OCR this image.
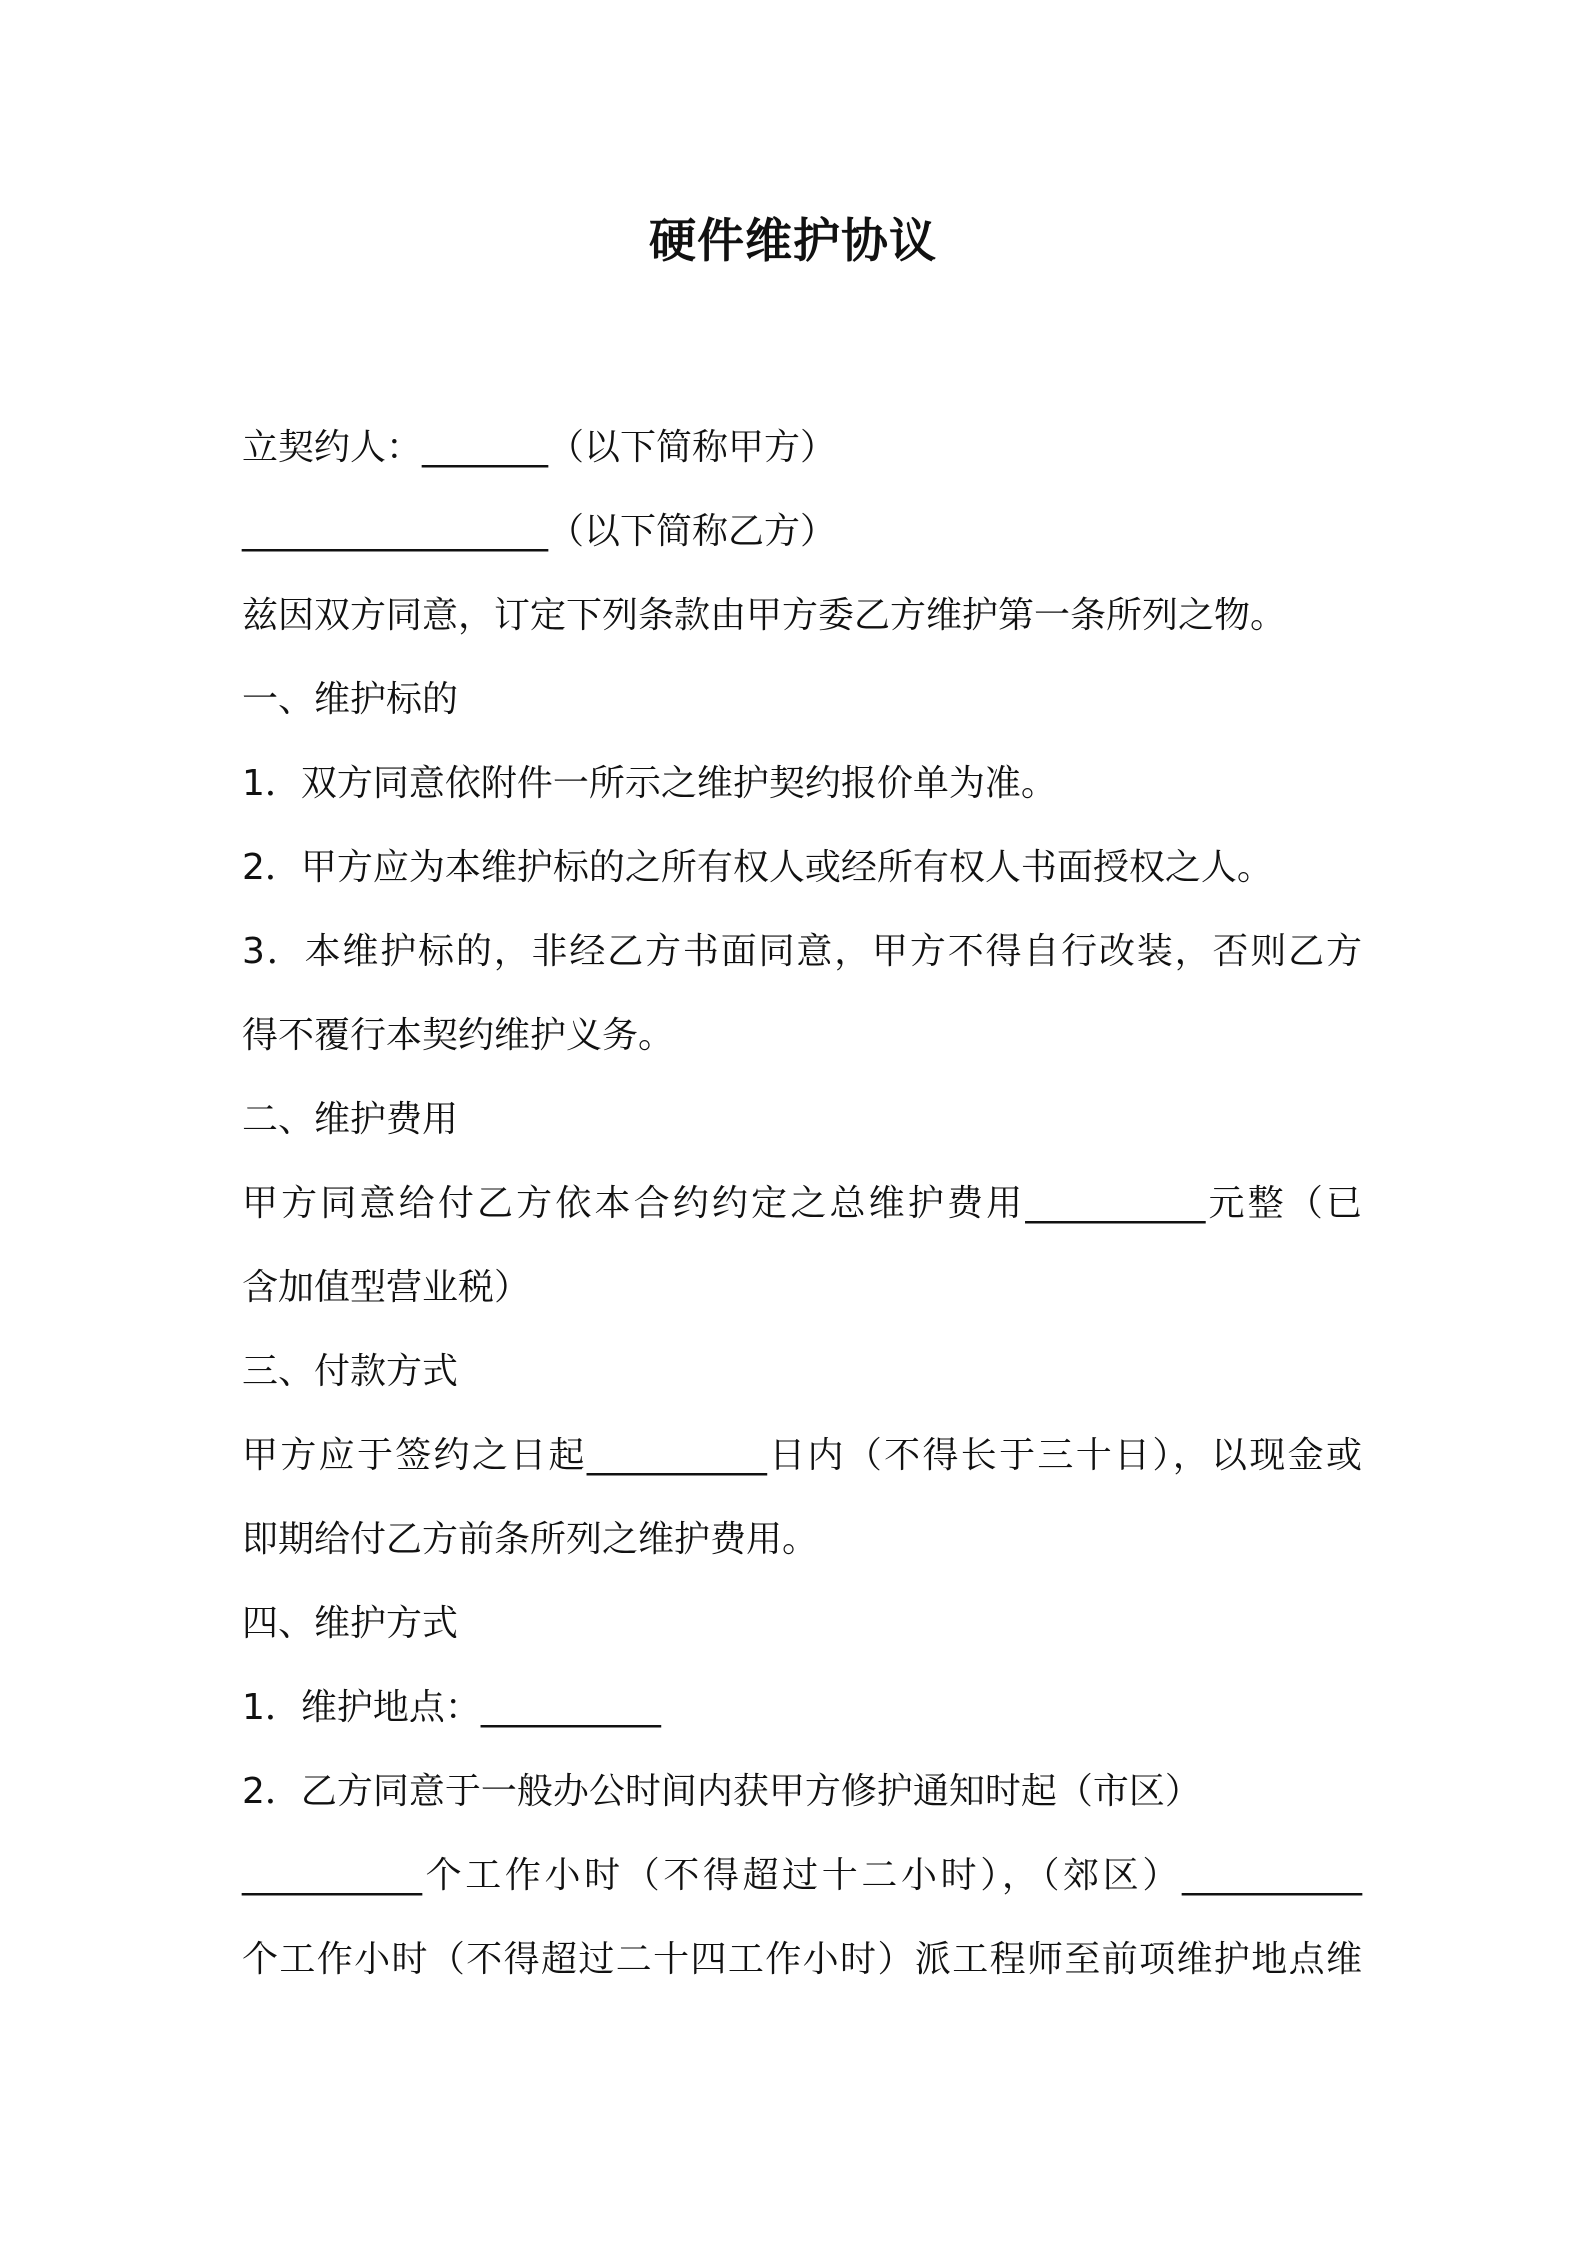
硬件维护协议

立契约人：_______（以下简称甲方）

_________________（以下简称乙方）

兹因双方同意，订定下列条款由甲方委乙方维护第一条所列之物。

一、维护标的

1．双方同意依附件一所示之维护契约报价单为准。

2．甲方应为本维护标的之所有权人或经所有权人书面授权之人。

3．本维护标的，非经乙方书面同意，甲方不得自行改装，否则乙方

得不覆行本契约维护义务。

二、维护费用

甲方同意给付乙方依本合约约定之总维护费用__________元整（已

含加值型营业税）

三、付款方式

甲方应于签约之日起__________日内（不得长于三十日），以现金或

即期给付乙方前条所列之维护费用。

四、维护方式

1．维护地点：__________

2．乙方同意于一般办公时间内获甲方修护通知时起（市区）

__________个工作小时（不得超过十二小时），（郊区）__________

个工作小时（不得超过二十四工作小时）派工程师至前项维护地点维
